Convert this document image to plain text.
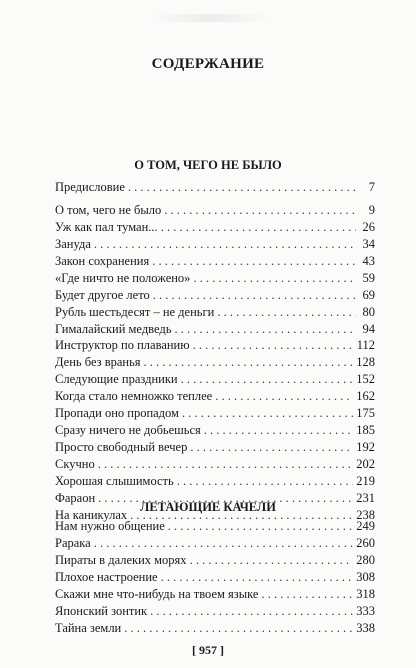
СОДЕРЖАНИЕ
О ТОМ, ЧЕГО НЕ БЫЛО
Предисловие . . .	7
О том, чего не было . . .	9
Уж как пал туман... . . .	26
Зануда . . .	34
Закон сохранения . . .	43
«Где ничто не положено» . . .	59
Будет другое лето . . .	69
Рубль шестьдесят – не деньги . . .	80
Гималайский медведь . . .	94
Инструктор по плаванию . . .	112
День без вранья . . .	128
Следующие праздники . . .	152
Когда стало немножко теплее . . .	162
Пропади оно пропадом . . .	175
Сразу ничего не добьешься . . .	185
Просто свободный вечер . . .	192
Скучно . . .	202
Хорошая слышимость . . .	219
Фараон . . .	231
На каникулах . . .	238
ЛЕТАЮЩИЕ КАЧЕЛИ
Нам нужно общение . . .	249
Рарака . . .	260
Пираты в далеких морях . . .	280
Плохое настроение . . .	308
Скажи мне что-нибудь на твоем языке . . .	318
Японский зонтик . . .	333
Тайна земли . . .	338
[ 957 ]
